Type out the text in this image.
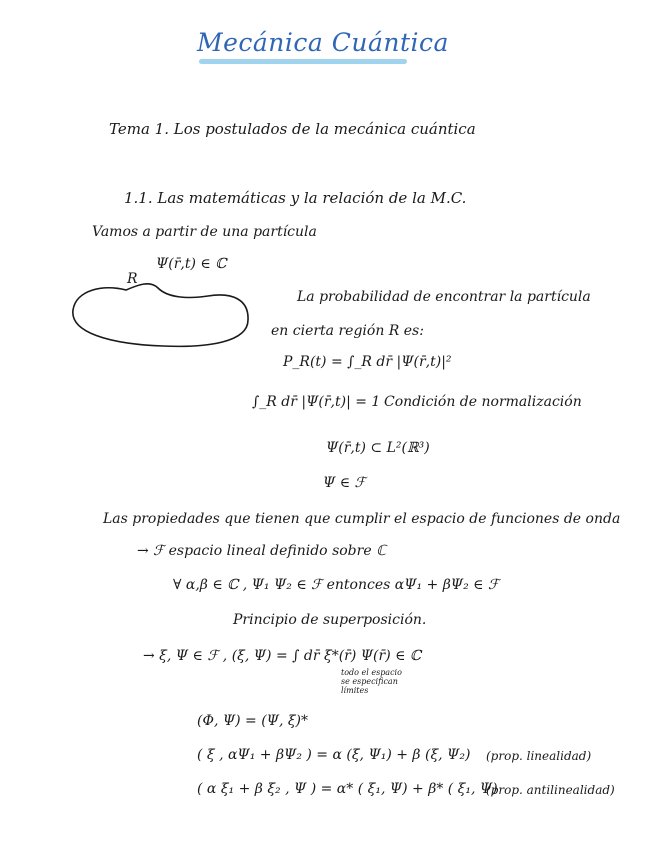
Mecánica Cuántica
Tema 1. Los postulados de la mecánica cuántica
1.1. Las matemáticas y la relación de la M.C.
Vamos a partir de una partícula
Ψ(r̄,t) ∈ ℂ
R
La probabilidad de encontrar la partícula
en cierta región R es:
P_R(t) = ∫_R dr̄ |Ψ(r̄,t)|²
∫_R dr̄ |Ψ(r̄,t)| = 1 Condición de normalización
Ψ(r̄,t) ⊂ L²(ℝ³)
Ψ ∈ ℱ
Las propiedades que tienen que cumplir el espacio de funciones de onda
→ ℱ espacio lineal definido sobre ℂ
∀ α,β ∈ ℂ , Ψ₁ Ψ₂ ∈ ℱ entonces αΨ₁ + βΨ₂ ∈ ℱ
Principio de superposición.
→ ξ, Ψ ∈ ℱ , (ξ, Ψ) = ∫ dr̄ ξ*(r̄) Ψ(r̄) ∈ ℂ
todo el espacio
se especifican
límites
(Φ, Ψ) = (Ψ, ξ)*
( ξ , αΨ₁ + βΨ₂ ) = α (ξ, Ψ₁) + β (ξ, Ψ₂) (prop. linealidad)
( α ξ₁ + β ξ₂ , Ψ ) = α* ( ξ₁, Ψ) + β* ( ξ₁, Ψ)
(prop. antilinealidad)
